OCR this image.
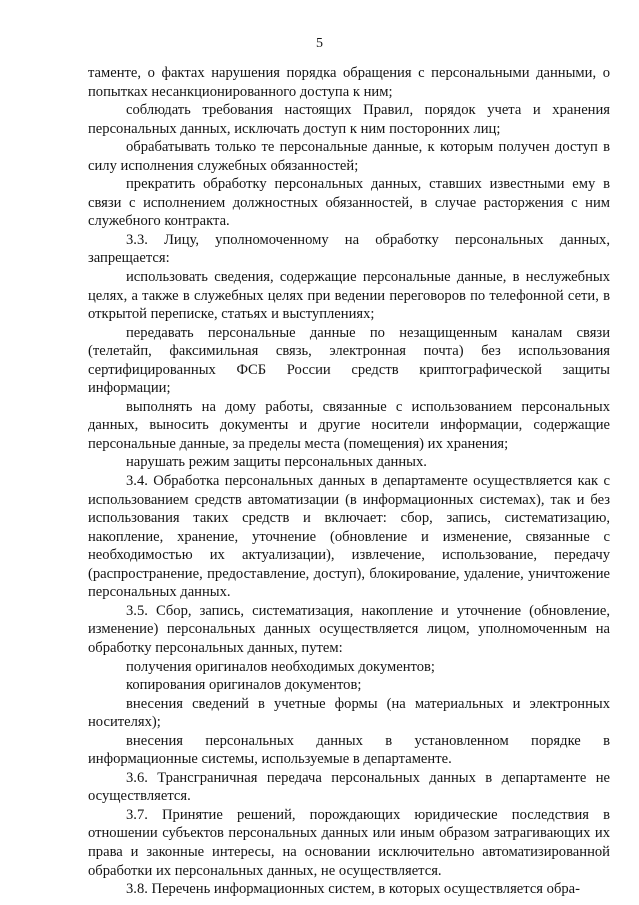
5

таменте, о фактах нарушения порядка обращения с персональными данными, о попытках несанкционированного доступа к ним;

соблюдать требования настоящих Правил, порядок учета и хранения персональных данных, исключать доступ к ним посторонних лиц;

обрабатывать только те персональные данные, к которым получен доступ в силу исполнения служебных обязанностей;

прекратить обработку персональных данных, ставших известными ему в связи с исполнением должностных обязанностей, в случае расторжения с ним служебного контракта.

3.3. Лицу, уполномоченному на обработку персональных данных, запрещается:

использовать сведения, содержащие персональные данные, в неслужебных целях, а также в служебных целях при ведении переговоров по телефонной сети, в открытой переписке, статьях и выступлениях;

передавать персональные данные по незащищенным каналам связи (телетайп, факсимильная связь, электронная почта) без использования сертифицированных ФСБ России средств криптографической защиты информации;

выполнять на дому работы, связанные с использованием персональных данных, выносить документы и другие носители информации, содержащие персональные данные, за пределы места (помещения) их хранения;

нарушать режим защиты персональных данных.

3.4. Обработка персональных данных в департаменте осуществляется как с использованием средств автоматизации (в информационных системах), так и без использования таких средств и включает: сбор, запись, систематизацию, накопление, хранение, уточнение (обновление и изменение, связанные с необходимостью их актуализации), извлечение, использование, передачу (распространение, предоставление, доступ), блокирование, удаление, уничтожение персональных данных.

3.5. Сбор, запись, систематизация, накопление и уточнение (обновление, изменение) персональных данных осуществляется лицом, уполномоченным на обработку персональных данных, путем:

получения оригиналов необходимых документов;

копирования оригиналов документов;

внесения сведений в учетные формы (на материальных и электронных носителях);

внесения персональных данных в установленном порядке в информационные системы, используемые в департаменте.

3.6. Трансграничная передача персональных данных в департаменте не осуществляется.

3.7. Принятие решений, порождающих юридические последствия в отношении субъектов персональных данных или иным образом затрагивающих их права и законные интересы, на основании исключительно автоматизированной обработки их персональных данных, не осуществляется.

3.8. Перечень информационных систем, в которых осуществляется обра-
